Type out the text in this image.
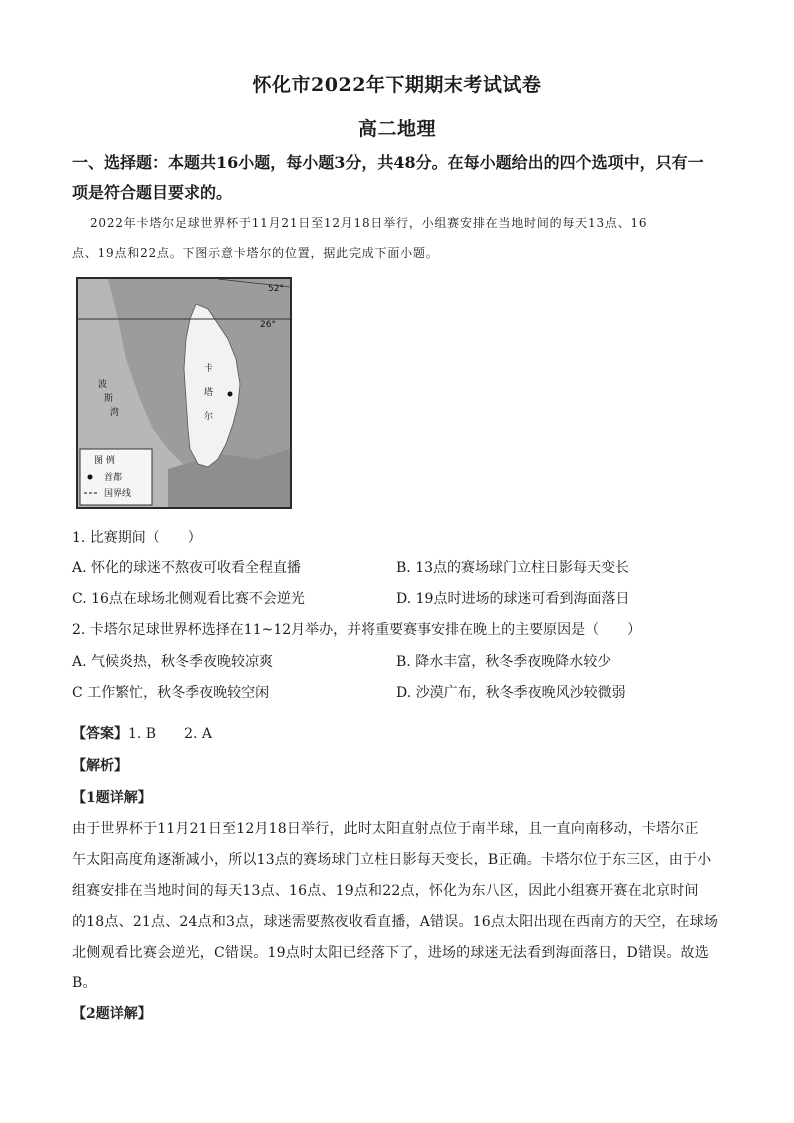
怀化市2022年下期期末考试试卷
高二地理
一、选择题：本题共16小题，每小题3分，共48分。在每小题给出的四个选项中，只有一
项是符合题目要求的。
2022年卡塔尔足球世界杯于11月21日至12月18日举行，小组赛安排在当地时间的每天13点、16
点、19点和22点。下图示意卡塔尔的位置，据此完成下面小题。
52°
26°
卡
塔
尔
波
斯
湾
图 例
首都
国界线
1. 比赛期间（　　）
A. 怀化的球迷不熬夜可收看全程直播	B. 13点的赛场球门立柱日影每天变长
C. 16点在球场北侧观看比赛不会逆光	D. 19点时进场的球迷可看到海面落日
2. 卡塔尔足球世界杯选择在11~12月举办，并将重要赛事安排在晚上的主要原因是（　　）
A. 气候炎热，秋冬季夜晚较凉爽	B. 降水丰富，秋冬季夜晚降水较少
C 工作繁忙，秋冬季夜晚较空闲	D. 沙漠广布，秋冬季夜晚风沙较微弱
【答案】1. B　　2. A
【解析】
【1题详解】
由于世界杯于11月21日至12月18日举行，此时太阳直射点位于南半球，且一直向南移动，卡塔尔正
午太阳高度角逐渐减小，所以13点的赛场球门立柱日影每天变长，B正确。卡塔尔位于东三区，由于小
组赛安排在当地时间的每天13点、16点、19点和22点，怀化为东八区，因此小组赛开赛在北京时间
的18点、21点、24点和3点，球迷需要熬夜收看直播，A错误。16点太阳出现在西南方的天空，在球场
北侧观看比赛会逆光，C错误。19点时太阳已经落下了，进场的球迷无法看到海面落日，D错误。故选
B。
【2题详解】
